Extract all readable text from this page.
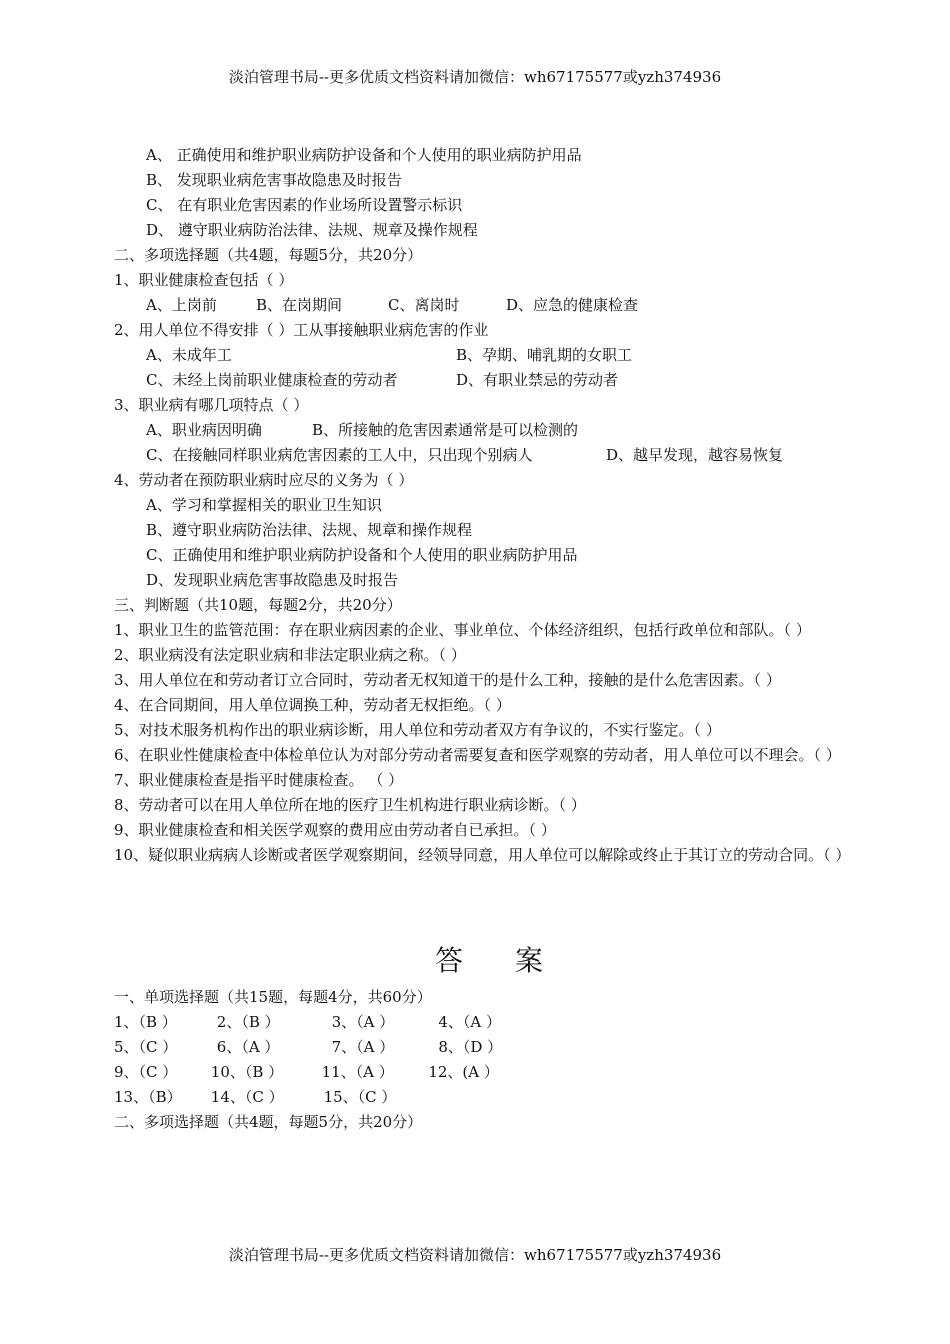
淡泊管理书局--更多优质文档资料请加微信：wh67175577或yzh374936
A、 正确使用和维护职业病防护设备和个人使用的职业病防护用品
B、 发现职业病危害事故隐患及时报告
C、 在有职业危害因素的作业场所设置警示标识
D、 遵守职业病防治法律、法规、规章及操作规程
二、多项选择题（共4题，每题5分，共20分）
1、职业健康检查包括（ ）
A、上岗前	B、在岗期间	C、离岗时	D、应急的健康检查
2、用人单位不得安排（ ）工从事接触职业病危害的作业
A、未成年工	B、孕期、哺乳期的女职工
C、未经上岗前职业健康检查的劳动者	D、有职业禁忌的劳动者
3、职业病有哪几项特点（ ）
A、职业病因明确	B、所接触的危害因素通常是可以检测的
C、在接触同样职业病危害因素的工人中，只出现个别病人	D、越早发现，越容易恢复
4、劳动者在预防职业病时应尽的义务为（ ）
A、学习和掌握相关的职业卫生知识
B、遵守职业病防治法律、法规、规章和操作规程
C、正确使用和维护职业病防护设备和个人使用的职业病防护用品
D、发现职业病危害事故隐患及时报告
三、判断题（共10题，每题2分，共20分）
1、职业卫生的监管范围：存在职业病因素的企业、事业单位、个体经济组织，包括行政单位和部队。（ ）
2、职业病没有法定职业病和非法定职业病之称。（ ）
3、用人单位在和劳动者订立合同时，劳动者无权知道干的是什么工种，接触的是什么危害因素。（ ）
4、在合同期间，用人单位调换工种，劳动者无权拒绝。（ ）
5、对技术服务机构作出的职业病诊断，用人单位和劳动者双方有争议的，不实行鉴定。（ ）
6、在职业性健康检查中体检单位认为对部分劳动者需要复查和医学观察的劳动者，用人单位可以不理会。（ ）
7、职业健康检查是指平时健康检查。 （ ）
8、劳动者可以在用人单位所在地的医疗卫生机构进行职业病诊断。（ ）
9、职业健康检查和相关医学观察的费用应由劳动者自已承担。（ ）
10、疑似职业病病人诊断或者医学观察期间，经领导同意，用人单位可以解除或终止于其订立的劳动合同。（ ）
答案
一、单项选择题（共15题，每题4分，共60分）
1、（B ）	2、（B ）	3、（A ）	4、（A ）
5、（C ）	6、（A ）	7、（A ）	8、（D ）
9、（C ） 10、（B ）	11、（A ） 12、(A ）
13、（B） 14、（C ）	15、（C ）
二、多项选择题（共4题，每题5分，共20分）
淡泊管理书局--更多优质文档资料请加微信：wh67175577或yzh374936
